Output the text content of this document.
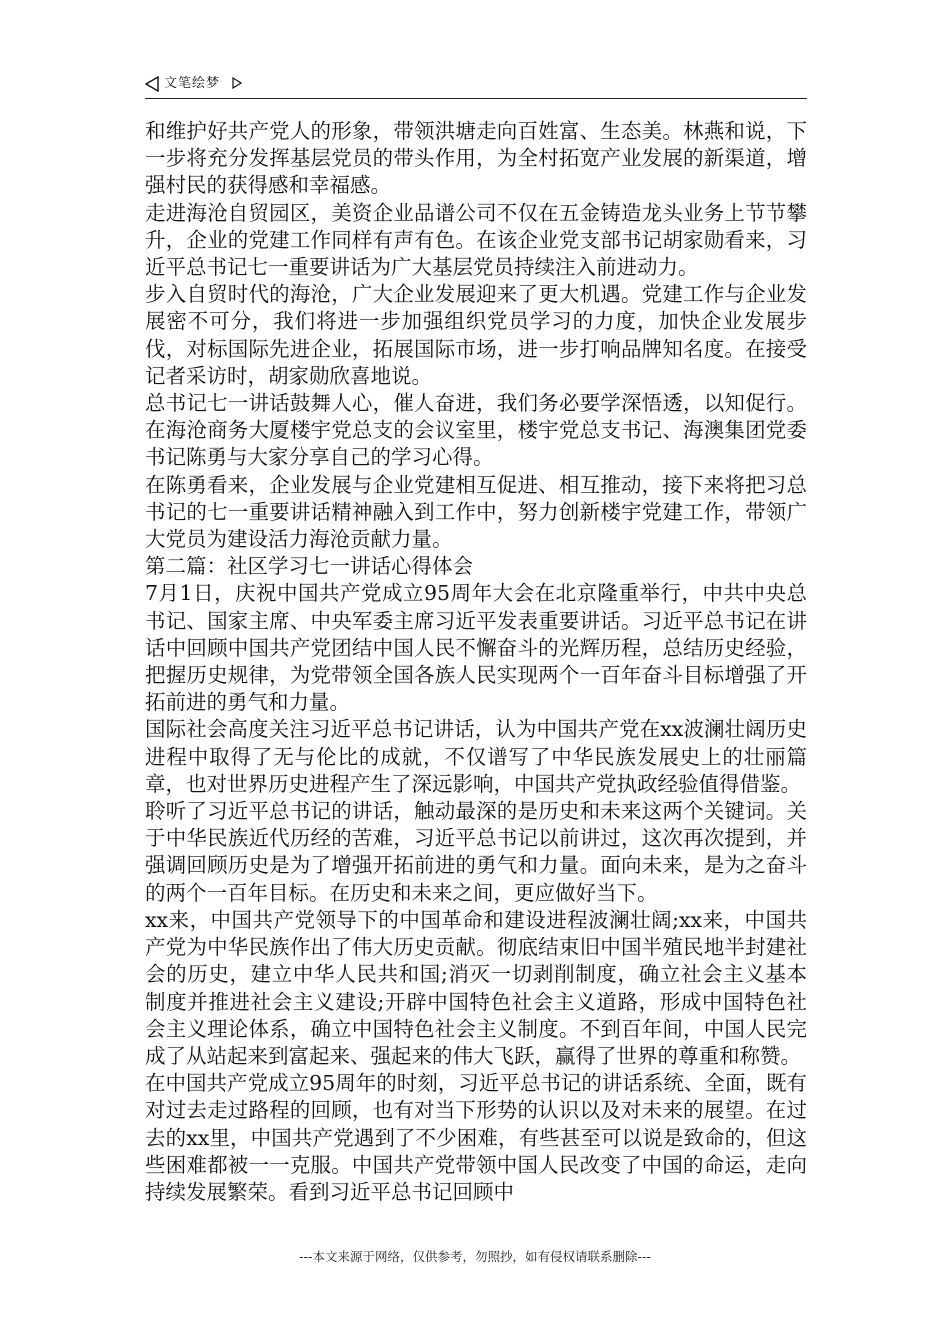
文笔绘梦

和维护好共产党人的形象，带领洪塘走向百姓富、生态美。林燕和说，下一步将充分发挥基层党员的带头作用，为全村拓宽产业发展的新渠道，增强村民的获得感和幸福感。

走进海沧自贸园区，美资企业品谱公司不仅在五金铸造龙头业务上节节攀升，企业的党建工作同样有声有色。在该企业党支部书记胡家勋看来，习近平总书记七一重要讲话为广大基层党员持续注入前进动力。

步入自贸时代的海沧，广大企业发展迎来了更大机遇。党建工作与企业发展密不可分，我们将进一步加强组织党员学习的力度，加快企业发展步伐，对标国际先进企业，拓展国际市场，进一步打响品牌知名度。在接受记者采访时，胡家勋欣喜地说。

总书记七一讲话鼓舞人心，催人奋进，我们务必要学深悟透，以知促行。在海沧商务大厦楼宇党总支的会议室里，楼宇党总支书记、海澳集团党委书记陈勇与大家分享自己的学习心得。

在陈勇看来，企业发展与企业党建相互促进、相互推动，接下来将把习总书记的七一重要讲话精神融入到工作中，努力创新楼宇党建工作，带领广大党员为建设活力海沧贡献力量。

第二篇：社区学习七一讲话心得体会

7月1日，庆祝中国共产党成立95周年大会在北京隆重举行，中共中央总书记、国家主席、中央军委主席习近平发表重要讲话。习近平总书记在讲话中回顾中国共产党团结中国人民不懈奋斗的光辉历程，总结历史经验，把握历史规律，为党带领全国各族人民实现两个一百年奋斗目标增强了开拓前进的勇气和力量。

国际社会高度关注习近平总书记讲话，认为中国共产党在xx波澜壮阔历史进程中取得了无与伦比的成就，不仅谱写了中华民族发展史上的壮丽篇章，也对世界历史进程产生了深远影响，中国共产党执政经验值得借鉴。

聆听了习近平总书记的讲话，触动最深的是历史和未来这两个关键词。关于中华民族近代历经的苦难，习近平总书记以前讲过，这次再次提到，并强调回顾历史是为了增强开拓前进的勇气和力量。面向未来，是为之奋斗的两个一百年目标。在历史和未来之间，更应做好当下。

xx来，中国共产党领导下的中国革命和建设进程波澜壮阔;xx来，中国共产党为中华民族作出了伟大历史贡献。彻底结束旧中国半殖民地半封建社会的历史，建立中华人民共和国;消灭一切剥削制度，确立社会主义基本制度并推进社会主义建设;开辟中国特色社会主义道路，形成中国特色社会主义理论体系，确立中国特色社会主义制度。不到百年间，中国人民完成了从站起来到富起来、强起来的伟大飞跃，赢得了世界的尊重和称赞。

在中国共产党成立95周年的时刻，习近平总书记的讲话系统、全面，既有对过去走过路程的回顾，也有对当下形势的认识以及对未来的展望。在过去的xx里，中国共产党遇到了不少困难，有些甚至可以说是致命的，但这些困难都被一一克服。中国共产党带领中国人民改变了中国的命运，走向持续发展繁荣。看到习近平总书记回顾中

---本文来源于网络，仅供参考，勿照抄，如有侵权请联系删除---
